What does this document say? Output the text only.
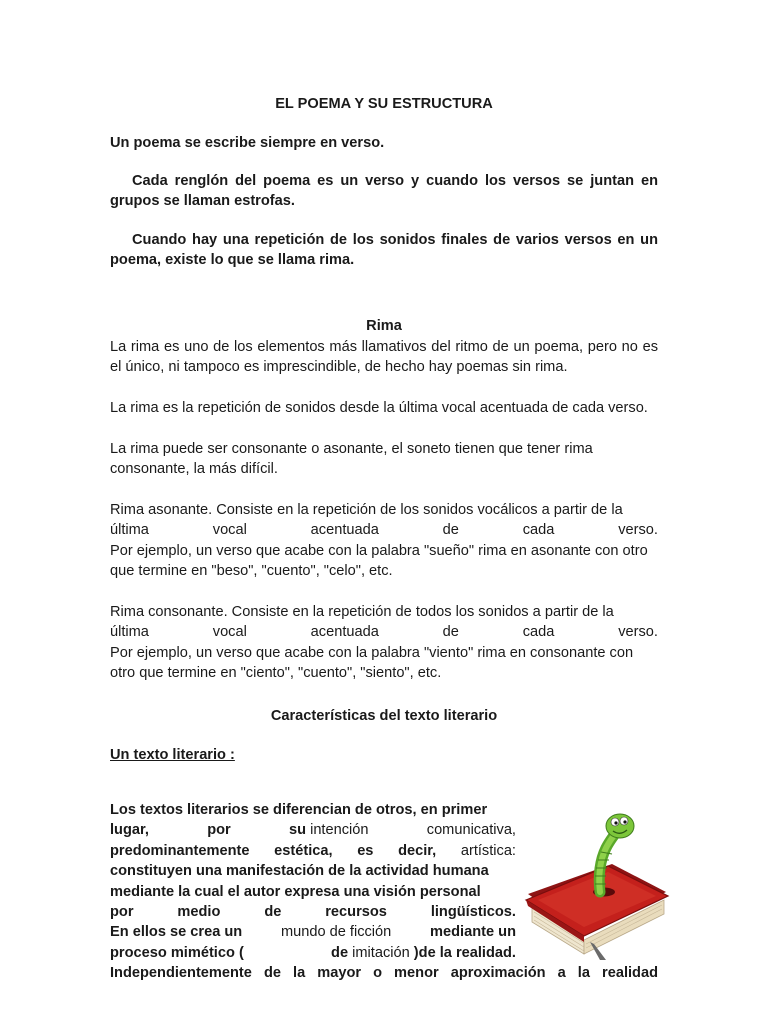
EL POEMA Y SU ESTRUCTURA

Un poema se escribe siempre en verso.

Cada renglón del poema es un verso y cuando los versos se juntan en grupos se llaman estrofas.

Cuando hay una repetición de los sonidos finales de varios versos en un poema, existe lo que se llama rima.

Rima

La rima es uno de los elementos más llamativos del ritmo de un poema, pero no es el único, ni tampoco es imprescindible, de hecho hay poemas sin rima.

La rima es la repetición de sonidos desde la última vocal acentuada de cada verso.

La rima puede ser consonante o asonante, el soneto tienen que tener rima consonante, la más difícil.

Rima asonante. Consiste en la repetición de los sonidos vocálicos a partir de la

última	vocal	acentuada	de	cada	verso.

Por ejemplo, un verso que acabe con la palabra "sueño" rima en asonante con otro que termine en "beso", "cuento", "celo", etc.

Rima consonante. Consiste en la repetición de todos los sonidos a partir de la

última	vocal	acentuada	de	cada	verso.

Por ejemplo, un verso que acabe con la palabra "viento" rima en consonante con otro que termine en "ciento", "cuento", "siento", etc.

Características del texto literario
Un texto literario :
Los textos literarios se diferencian de otros, en primer
lugar,	por	su intención	comunicativa,
predominantemente estética, es decir, artística:
constituyen una manifestación de la actividad humana
mediante la cual el autor expresa una visión personal
por	medio	de	recursos	lingüísticos.
En ellos se crea un	mundo de ficción	mediante un
proceso mimético (	de imitación )de la realidad.
Independientemente de la mayor o menor aproximación a la realidad
